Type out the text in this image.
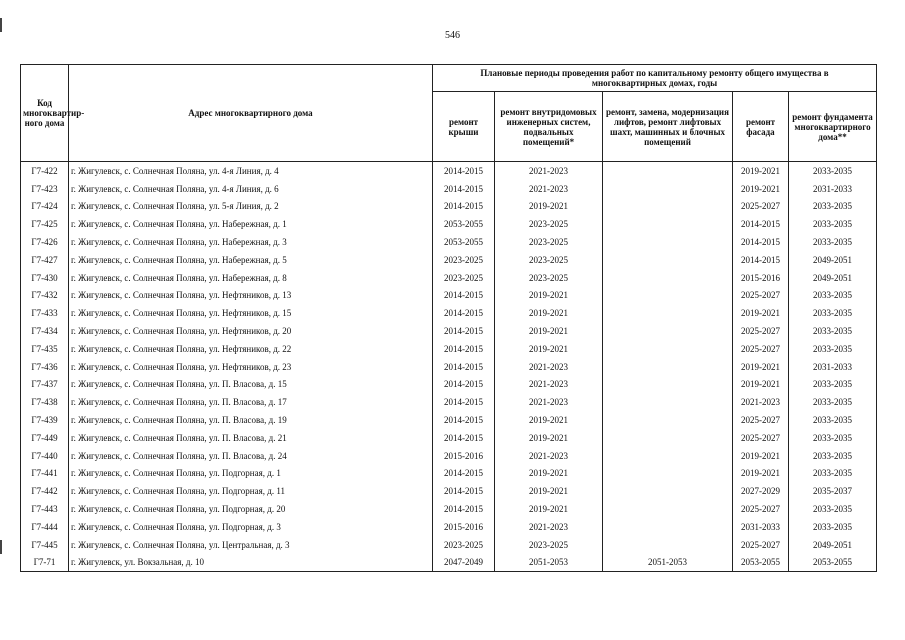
546
Код многоквартир-ного дома	Адрес многоквартирного дома	Плановые периоды проведения работ по капитальному ремонту общего имущества в многоквартирных домах, годы				
		ремонт крыши	ремонт внутридомовых инженерных систем, подвальных помещений*	ремонт, замена, модернизация лифтов, ремонт лифтовых шахт, машинных и блочных помещений	ремонт фасада	ремонт фундамента многоквартирного дома**
Г7-422	г. Жигулевск, с. Солнечная Поляна, ул. 4-я Линия, д. 4	2014-2015	2021-2023		2019-2021	2033-2035
Г7-423	г. Жигулевск, с. Солнечная Поляна, ул. 4-я Линия, д. 6	2014-2015	2021-2023		2019-2021	2031-2033
Г7-424	г. Жигулевск, с. Солнечная Поляна, ул. 5-я Линия, д. 2	2014-2015	2019-2021		2025-2027	2033-2035
Г7-425	г. Жигулевск, с. Солнечная Поляна, ул. Набережная, д. 1	2053-2055	2023-2025		2014-2015	2033-2035
Г7-426	г. Жигулевск, с. Солнечная Поляна, ул. Набережная, д. 3	2053-2055	2023-2025		2014-2015	2033-2035
Г7-427	г. Жигулевск, с. Солнечная Поляна, ул. Набережная, д. 5	2023-2025	2023-2025		2014-2015	2049-2051
Г7-430	г. Жигулевск, с. Солнечная Поляна, ул. Набережная, д. 8	2023-2025	2023-2025		2015-2016	2049-2051
Г7-432	г. Жигулевск, с. Солнечная Поляна, ул. Нефтяников, д. 13	2014-2015	2019-2021		2025-2027	2033-2035
Г7-433	г. Жигулевск, с. Солнечная Поляна, ул. Нефтяников, д. 15	2014-2015	2019-2021		2019-2021	2033-2035
Г7-434	г. Жигулевск, с. Солнечная Поляна, ул. Нефтяников, д. 20	2014-2015	2019-2021		2025-2027	2033-2035
Г7-435	г. Жигулевск, с. Солнечная Поляна, ул. Нефтяников, д. 22	2014-2015	2019-2021		2025-2027	2033-2035
Г7-436	г. Жигулевск, с. Солнечная Поляна, ул. Нефтяников, д. 23	2014-2015	2021-2023		2019-2021	2031-2033
Г7-437	г. Жигулевск, с. Солнечная Поляна, ул. П. Власова, д. 15	2014-2015	2021-2023		2019-2021	2033-2035
Г7-438	г. Жигулевск, с. Солнечная Поляна, ул. П. Власова, д. 17	2014-2015	2021-2023		2021-2023	2033-2035
Г7-439	г. Жигулевск, с. Солнечная Поляна, ул. П. Власова, д. 19	2014-2015	2019-2021		2025-2027	2033-2035
Г7-449	г. Жигулевск, с. Солнечная Поляна, ул. П. Власова, д. 21	2014-2015	2019-2021		2025-2027	2033-2035
Г7-440	г. Жигулевск, с. Солнечная Поляна, ул. П. Власова, д. 24	2015-2016	2021-2023		2019-2021	2033-2035
Г7-441	г. Жигулевск, с. Солнечная Поляна, ул. Подгорная, д. 1	2014-2015	2019-2021		2019-2021	2033-2035
Г7-442	г. Жигулевск, с. Солнечная Поляна, ул. Подгорная, д. 11	2014-2015	2019-2021		2027-2029	2035-2037
Г7-443	г. Жигулевск, с. Солнечная Поляна, ул. Подгорная, д. 20	2014-2015	2019-2021		2025-2027	2033-2035
Г7-444	г. Жигулевск, с. Солнечная Поляна, ул. Подгорная, д. 3	2015-2016	2021-2023		2031-2033	2033-2035
Г7-445	г. Жигулевск, с. Солнечная Поляна, ул. Центральная, д. 3	2023-2025	2023-2025		2025-2027	2049-2051
Г7-71	г. Жигулевск, ул. Вокзальная, д. 10	2047-2049	2051-2053	2051-2053	2053-2055	2053-2055
